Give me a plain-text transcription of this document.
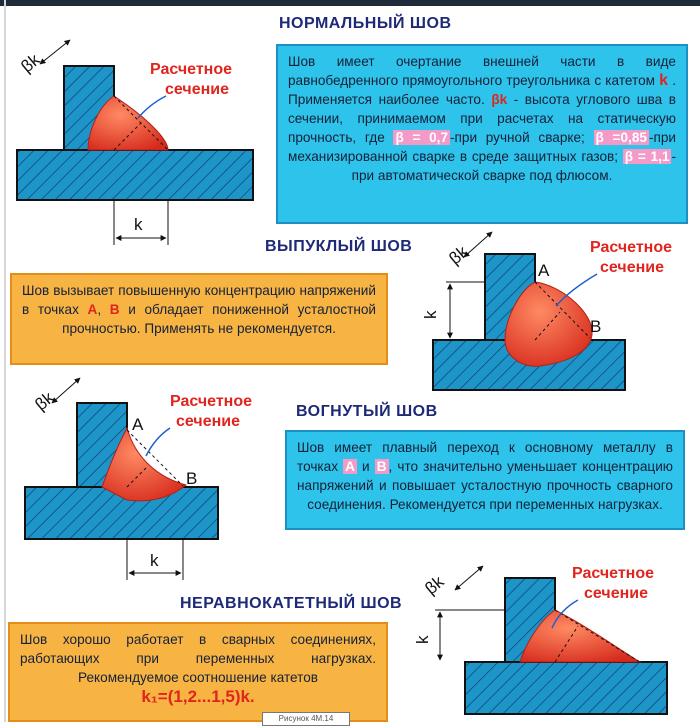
НОРМАЛЬНЫЙ ШОВ
ВЫПУКЛЫЙ ШОВ
ВОГНУТЫЙ ШОВ
НЕРАВНОКАТЕТНЫЙ ШОВ
Шов имеет очертание внешней части в виде равнобедренного прямоугольного треугольника с катетом k . Применяется наиболее часто. βk - высота углового шва в сечении, принимаемом при расчетах на статическую прочность, где β = 0,7 -при ручной сварке; β =0,85 -при механизированной сварке в среде защитных газов; β = 1,1 -при автоматической сварке под флюсом.
Шов вызывает повышенную концентрацию напряжений в точках А, В и обладает пониженной усталостной прочностью. Применять не рекомендуется.
Шов имеет плавный переход к основному металлу в точках А и В , что значительно уменьшает концентрацию напряжений и повышает усталостную прочность сварного соединения. Рекомендуется при переменных нагрузках.
Шов хорошо работает в сварных соединениях, работающих при переменных нагрузках. Рекомендуемое соотношение катетов
k₁=(1,2...1,5)k.
βk
k
Расчетное
сечение
βk
k
A
B
Расчетное
сечение
βk
k
A
B
Расчетное
сечение
βk
k
Расчетное
сечение
Рисунок 4М.14
